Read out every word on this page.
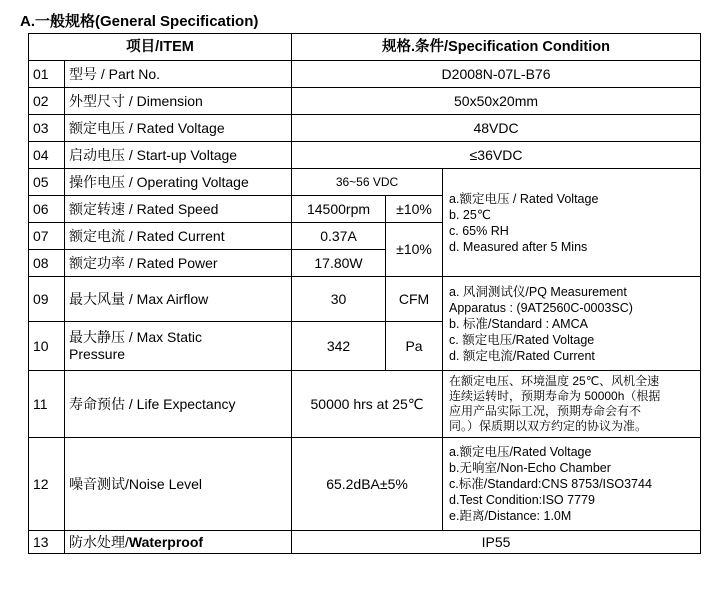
A.一般规格(General Specification)
项目/ITEM		规格.条件/Specification Condition		
01	型号 / Part No.	D2008N-07L-B76		
02	外型尺寸 / Dimension	50x50x20mm		
03	额定电压 / Rated Voltage	48VDC		
04	启动电压 / Start-up Voltage	≤36VDC		
05	操作电压 / Operating Voltage	36~56 VDC		a.额定电压 / Rated Voltage
b. 25℃
c. 65% RH
d. Measured after 5 Mins

06	额定转速 / Rated Speed	14500rpm	±10%	
07	额定电流 / Rated Current	0.37A	±10%	
08	额定功率 / Rated Power	17.80W		
09	最大风量 / Max Airflow	30	CFM	a. 风洞测试仪/PQ Measurement
Apparatus : (9AT2560C-0003SC)
b. 标准/Standard : AMCA
c. 额定电压/Rated Voltage
d. 额定电流/Rated Current

10	最大静压 / Max Static
Pressure	342	Pa	
11	寿命预估 / Life Expectancy	50000 hrs at 25℃		在额定电压、环境温度 25℃、风机全速
连续运转时，预期寿命为 50000h（根据
应用产品实际工况，预期寿命会有不
同。）保质期以双方约定的协议为准。

12	噪音测试/Noise Level	65.2dBA±5%		a.额定电压/Rated Voltage
b.无响室/Non-Echo Chamber
c.标准/Standard:CNS 8753/ISO3744
d.Test Condition:ISO 7779
e.距离/Distance: 1.0M

13	防水处理/Waterproof	IP55		
